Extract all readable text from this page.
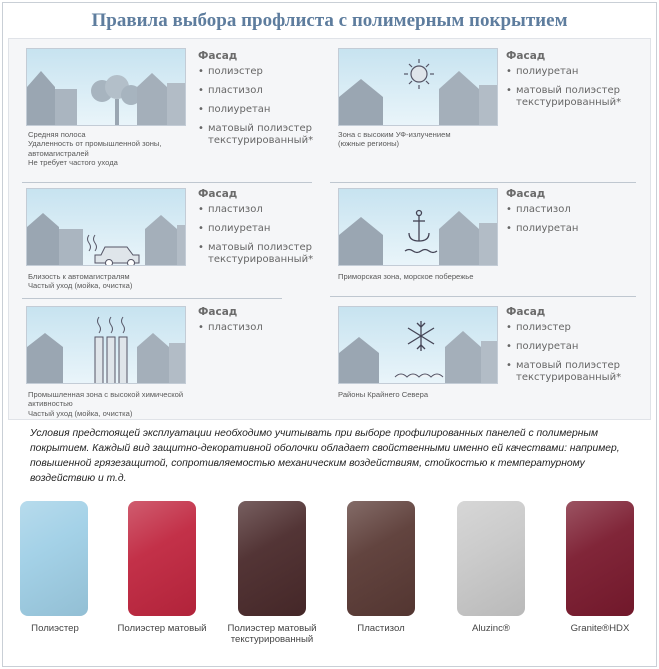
Правила выбора профлиста с полимерным покрытием
Средняя полоса
Удаленность от промышленной зоны,
автомагистралей
Не требует частого ухода
Фасад
• полиэстер
• пластизол
• полиуретан
• матовый полиэстер текстурированный*
Зона с высоким УФ-излучением
(южные регионы)
Фасад
• полиуретан
• матовый полиэстер текстурированный*
Близость к автомагистралям
Частый уход (мойка, очистка)
Фасад
• пластизол
• полиуретан
• матовый полиэстер текстурированный*
Приморская зона, морское побережье
Фасад
• пластизол
• полиуретан
Промышленная зона с высокой химической активностью
Частый уход (мойка, очистка)
Фасад
• пластизол
Районы Крайнего Севера
Фасад
• полиэстер
• полиуретан
• матовый полиэстер текстурированный*
Условия предстоящей эксплуатации необходимо учитывать при выборе профилированных панелей с полимерным покрытием. Каждый вид защитно-декоративной оболочки обладает свойственными именно ей качествами: например, повышенной грязезащитой, сопротивляемостью механическим воздействиям, стойкостью к температурному воздействию и т.д.
Полиэстер	Полиэстер матовый	Полиэстер матовый текстурированный
Пластизол	Aluzinc®	Granite®HDX
